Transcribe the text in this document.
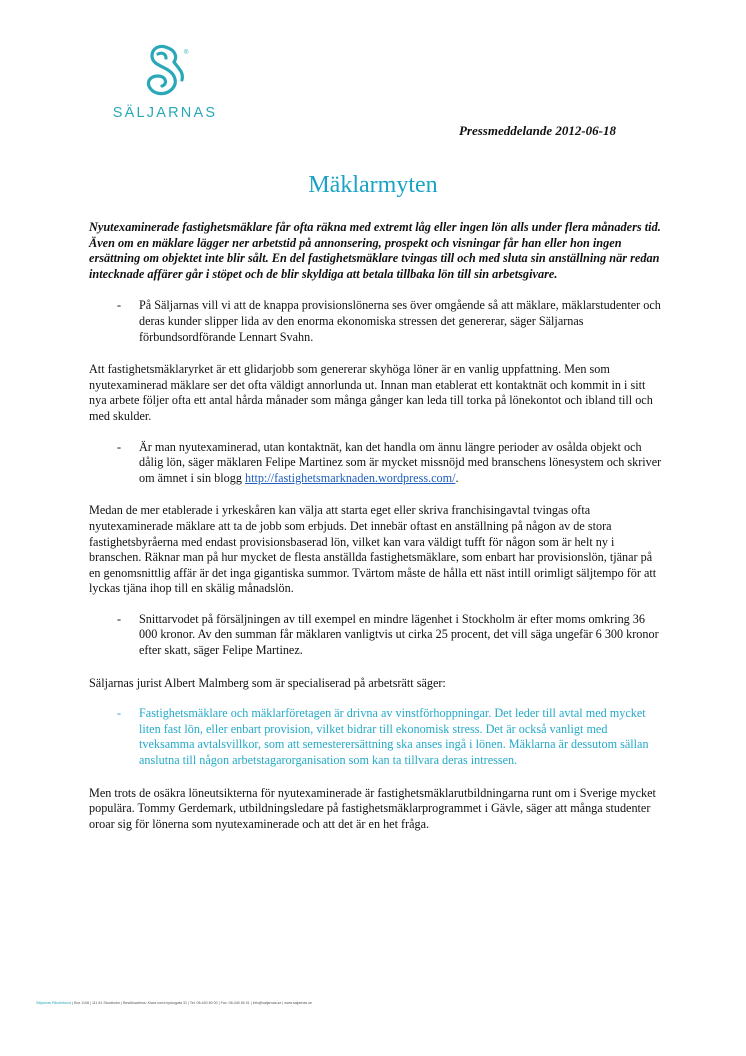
®
SÄLJARNAS
Pressmeddelande 2012-06-18
Mäklarmyten

Nyutexaminerade fastighetsmäklare får ofta räkna med extremt låg eller ingen lön alls under flera månaders tid. Även om en mäklare lägger ner arbetstid på annonsering, prospekt och visningar får han eller hon ingen ersättning om objektet inte blir sålt. En del fastighetsmäklare tvingas till och med sluta sin anställning när redan intecknade affärer går i stöpet och de blir skyldiga att betala tillbaka lön till sin arbetsgivare.

- På Säljarnas vill vi att de knappa provisionslönerna ses över omgående så att mäklare, mäklarstudenter och deras kunder slipper lida av den enorma ekonomiska stressen det genererar, säger Säljarnas förbundsordförande Lennart Svahn.

Att fastighetsmäklaryrket är ett glidarjobb som genererar skyhöga löner är en vanlig uppfattning. Men som nyutexaminerad mäklare ser det ofta väldigt annorlunda ut. Innan man etablerat ett kontaktnät och kommit in i sitt nya arbete följer ofta ett antal hårda månader som många gånger kan leda till torka på lönekontot och ibland till och med skulder.

- Är man nyutexaminerad, utan kontaktnät, kan det handla om ännu längre perioder av osålda objekt och dålig lön, säger mäklaren Felipe Martinez som är mycket missnöjd med branschens lönesystem och skriver om ämnet i sin blogg http://fastighetsmarknaden.wordpress.com/.

Medan de mer etablerade i yrkeskåren kan välja att starta eget eller skriva franchisingavtal tvingas ofta nyutexaminerade mäklare att ta de jobb som erbjuds. Det innebär oftast en anställning på någon av de stora fastighetsbyråerna med endast provisionsbaserad lön, vilket kan vara väldigt tufft för någon som är helt ny i branschen. Räknar man på hur mycket de flesta anställda fastighetsmäklare, som enbart har provisionslön, tjänar på en genomsnittlig affär är det inga gigantiska summor. Tvärtom måste de hålla ett näst intill orimligt säljtempo för att lyckas tjäna ihop till en skälig månadslön.

- Snittarvodet på försäljningen av till exempel en mindre lägenhet i Stockholm är efter moms omkring 36 000 kronor. Av den summan får mäklaren vanligtvis ut cirka 25 procent, det vill säga ungefär 6 300 kronor efter skatt, säger Felipe Martinez.

Säljarnas jurist Albert Malmberg som är specialiserad på arbetsrätt säger:

- Fastighetsmäklare och mäklarföretagen är drivna av vinstförhoppningar. Det leder till avtal med mycket liten fast lön, eller enbart provision, vilket bidrar till ekonomisk stress. Det är också vanligt med tveksamma avtalsvillkor, som att semesterersättning ska anses ingå i lönen. Mäklarna är dessutom sällan anslutna till någon arbetstagarorganisation som kan ta tillvara deras intressen.

Men trots de osäkra löneutsikterna för nyutexaminerade är fastighetsmäklarutbildningarna runt om i Sverige mycket populära. Tommy Gerdemark, utbildningsledare på fastighetsmäklarprogrammet i Gävle, säger att många studenter oroar sig för lönerna som nyutexaminerade och att det är en het fråga.

Säljarnas Riksförbund | Box 1108 | 111 81 Stockholm | Besöksadress: Klara norra kyrkogata 31 | Tel: 08-440 80 00 | Fax: 08-440 80 01 | info@saljarnas.se | www.saljarnas.se
